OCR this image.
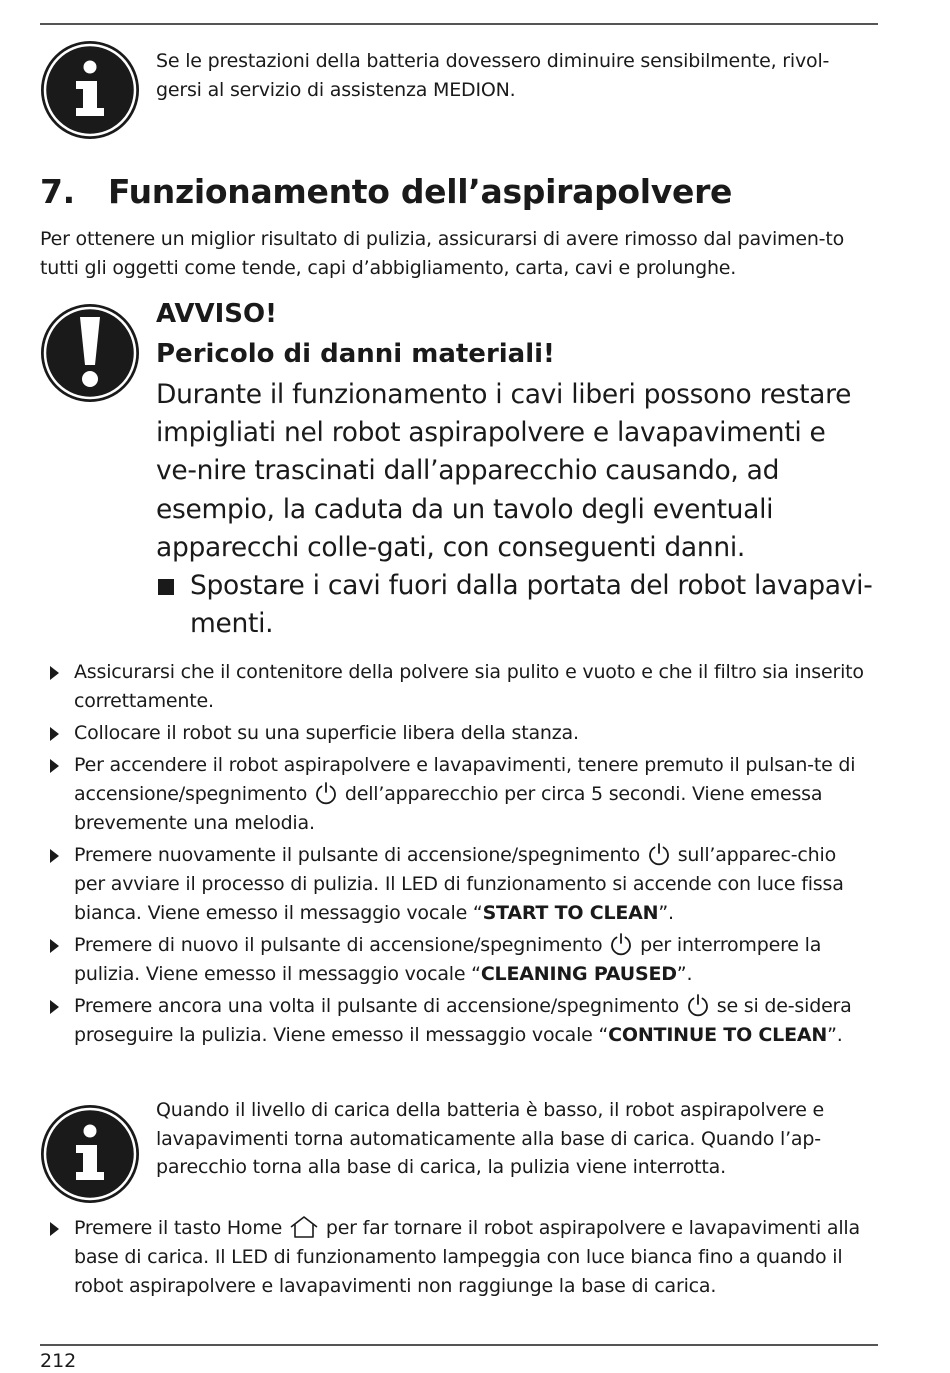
Se le prestazioni della batteria dovessero diminuire sensibilmente, rivol-gersi al servizio di assistenza MEDION.

7. Funzionamento dell’aspirapolvere

Per ottenere un miglior risultato di pulizia, assicurarsi di avere rimosso dal pavimen-to tutti gli oggetti come tende, capi d’abbigliamento, carta, cavi e prolunghe.

AVVISO!

Pericolo di danni materiali!

Durante il funzionamento i cavi liberi possono restare impigliati nel robot aspirapolvere e lavapavimenti e ve-nire trascinati dall’apparecchio causando, ad esempio, la caduta da un tavolo degli eventuali apparecchi colle-gati, con conseguenti danni.

Spostare i cavi fuori dalla portata del robot lavapavi-menti.

Assicurarsi che il contenitore della polvere sia pulito e vuoto e che il filtro sia inserito correttamente.

Collocare il robot su una superficie libera della stanza.

Per accendere il robot aspirapolvere e lavapavimenti, tenere premuto il pulsan-te di accensione/spegnimento dell’apparecchio per circa 5 secondi. Viene emessa brevemente una melodia.

Premere nuovamente il pulsante di accensione/spegnimento sull’apparec-chio per avviare il processo di pulizia. Il LED di funzionamento si accende con luce fissa bianca. Viene emesso il messaggio vocale “START TO CLEAN”.

Premere di nuovo il pulsante di accensione/spegnimento per interrompere la pulizia. Viene emesso il messaggio vocale “CLEANING PAUSED”.

Premere ancora una volta il pulsante di accensione/spegnimento se si de-sidera proseguire la pulizia. Viene emesso il messaggio vocale “CONTINUE TO CLEAN”.

Quando il livello di carica della batteria è basso, il robot aspirapolvere e lavapavimenti torna automaticamente alla base di carica. Quando l’ap-parecchio torna alla base di carica, la pulizia viene interrotta.

Premere il tasto Home per far tornare il robot aspirapolvere e lavapavimenti alla base di carica. Il LED di funzionamento lampeggia con luce bianca fino a quando il robot aspirapolvere e lavapavimenti non raggiunge la base di carica.

212
